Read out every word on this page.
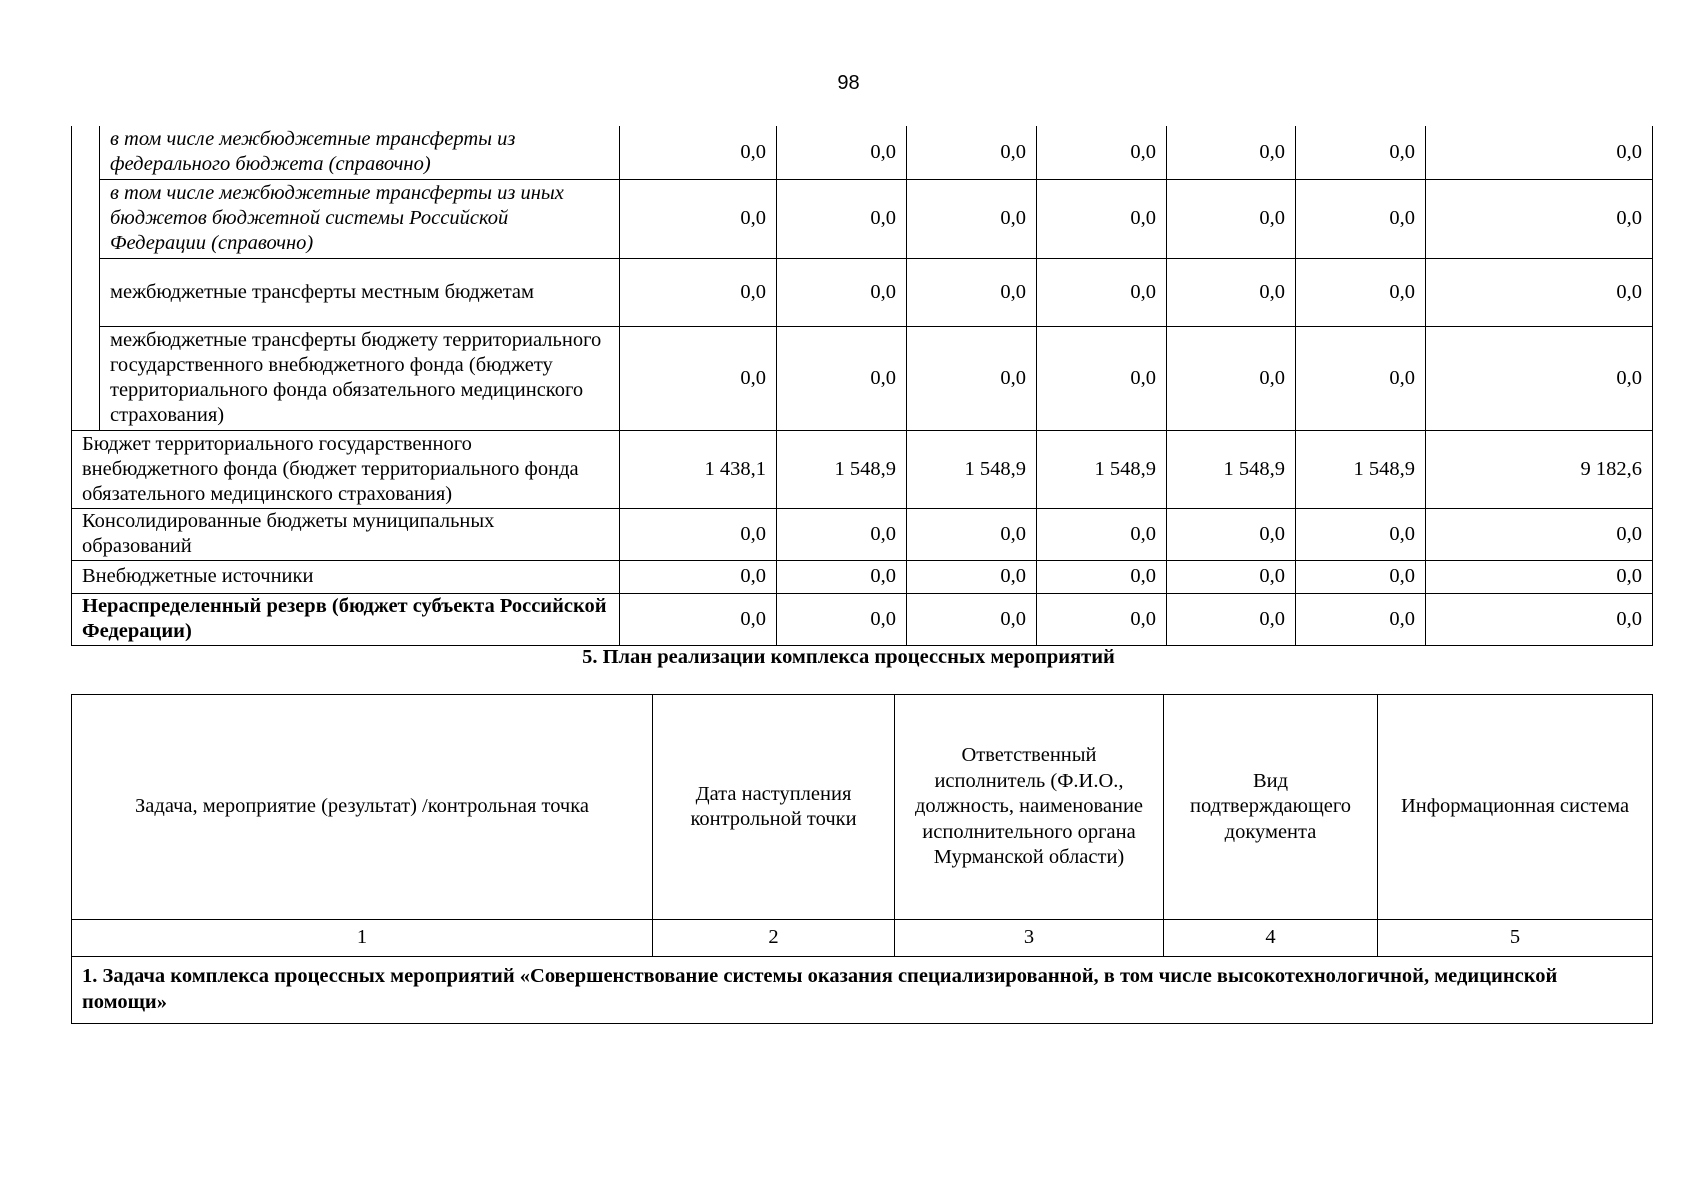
98
	в том числе межбюджетные трансферты из федерального бюджета (справочно)	0,0	0,0	0,0	0,0	0,0	0,0	0,0
	в том числе межбюджетные трансферты из иных бюджетов бюджетной системы Российской Федерации (справочно)	0,0	0,0	0,0	0,0	0,0	0,0	0,0
	межбюджетные трансферты местным бюджетам	0,0	0,0	0,0	0,0	0,0	0,0	0,0
	межбюджетные трансферты бюджету территориального государственного внебюджетного фонда (бюджету территориального фонда обязательного медицинского страхования)	0,0	0,0	0,0	0,0	0,0	0,0	0,0
Бюджет территориального государственного внебюджетного фонда (бюджет территориального фонда обязательного медицинского страхования)		1 438,1	1 548,9	1 548,9	1 548,9	1 548,9	1 548,9	9 182,6
Консолидированные бюджеты муниципальных образований		0,0	0,0	0,0	0,0	0,0	0,0	0,0
Внебюджетные источники		0,0	0,0	0,0	0,0	0,0	0,0	0,0
Нераспределенный резерв (бюджет субъекта Российской Федерации)		0,0	0,0	0,0	0,0	0,0	0,0	0,0
5. План реализации комплекса процессных мероприятий
Задача, мероприятие (результат) /контрольная точка	Дата наступления контрольной точки	Ответственный исполнитель (Ф.И.О., должность, наименование исполнительного органа Мурманской области)	Вид подтверждающего документа	Информационная система
1	2	3	4	5
1. Задача комплекса процессных мероприятий «Совершенствование системы оказания специализированной, в том числе высокотехнологичной, медицинской помощи»				
